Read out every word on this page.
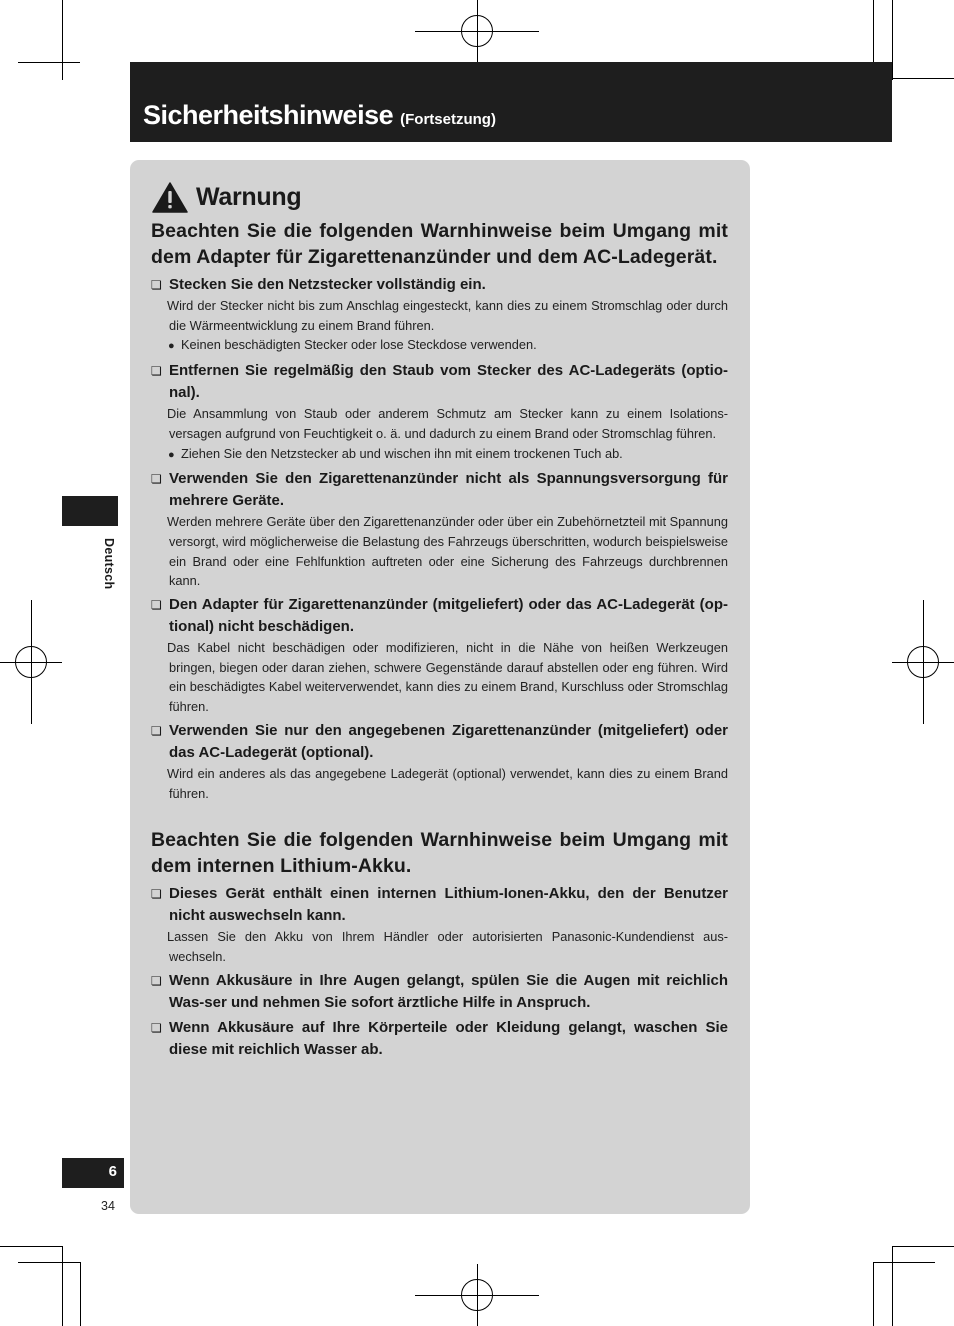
Sicherheitshinweise (Fortsetzung)
Deutsch
Warnung
Beachten Sie die folgenden Warnhinweise beim Umgang mit dem Adapter für Zigarettenanzünder und dem AC-Ladegerät.
❏ Stecken Sie den Netzstecker vollständig ein.
Wird der Stecker nicht bis zum Anschlag eingesteckt, kann dies zu einem Stromschlag oder durch die Wärmeentwicklung zu einem Brand führen.
● Keinen beschädigten Stecker oder lose Steckdose verwenden.
❏ Entfernen Sie regelmäßig den Staub vom Stecker des AC-Ladegeräts (optio-nal).
Die Ansammlung von Staub oder anderem Schmutz am Stecker kann zu einem Isolations-versagen aufgrund von Feuchtigkeit o. ä. und dadurch zu einem Brand oder Stromschlag führen.
● Ziehen Sie den Netzstecker ab und wischen ihn mit einem trockenen Tuch ab.
❏ Verwenden Sie den Zigarettenanzünder nicht als Spannungsversorgung für mehrere Geräte.
Werden mehrere Geräte über den Zigarettenanzünder oder über ein Zubehörnetzteil mit Spannung versorgt, wird möglicherweise die Belastung des Fahrzeugs überschritten, wodurch beispielsweise ein Brand oder eine Fehlfunktion auftreten oder eine Sicherung des Fahrzeugs durchbrennen kann.
❏ Den Adapter für Zigarettenanzünder (mitgeliefert) oder das AC-Ladegerät (op-tional) nicht beschädigen.
Das Kabel nicht beschädigen oder modifizieren, nicht in die Nähe von heißen Werkzeugen bringen, biegen oder daran ziehen, schwere Gegenstände darauf abstellen oder eng führen. Wird ein beschädigtes Kabel weiterverwendet, kann dies zu einem Brand, Kurschluss oder Stromschlag führen.
❏ Verwenden Sie nur den angegebenen Zigarettenanzünder (mitgeliefert) oder das AC-Ladegerät (optional).
Wird ein anderes als das angegebene Ladegerät (optional) verwendet, kann dies zu einem Brand führen.
Beachten Sie die folgenden Warnhinweise beim Umgang mit dem internen Lithium-Akku.
❏ Dieses Gerät enthält einen internen Lithium-Ionen-Akku, den der Benutzer nicht auswechseln kann.
Lassen Sie den Akku von Ihrem Händler oder autorisierten Panasonic-Kundendienst aus-wechseln.
❏ Wenn Akkusäure in Ihre Augen gelangt, spülen Sie die Augen mit reichlich Was-ser und nehmen Sie sofort ärztliche Hilfe in Anspruch.
❏ Wenn Akkusäure auf Ihre Körperteile oder Kleidung gelangt, waschen Sie diese mit reichlich Wasser ab.
6
34
